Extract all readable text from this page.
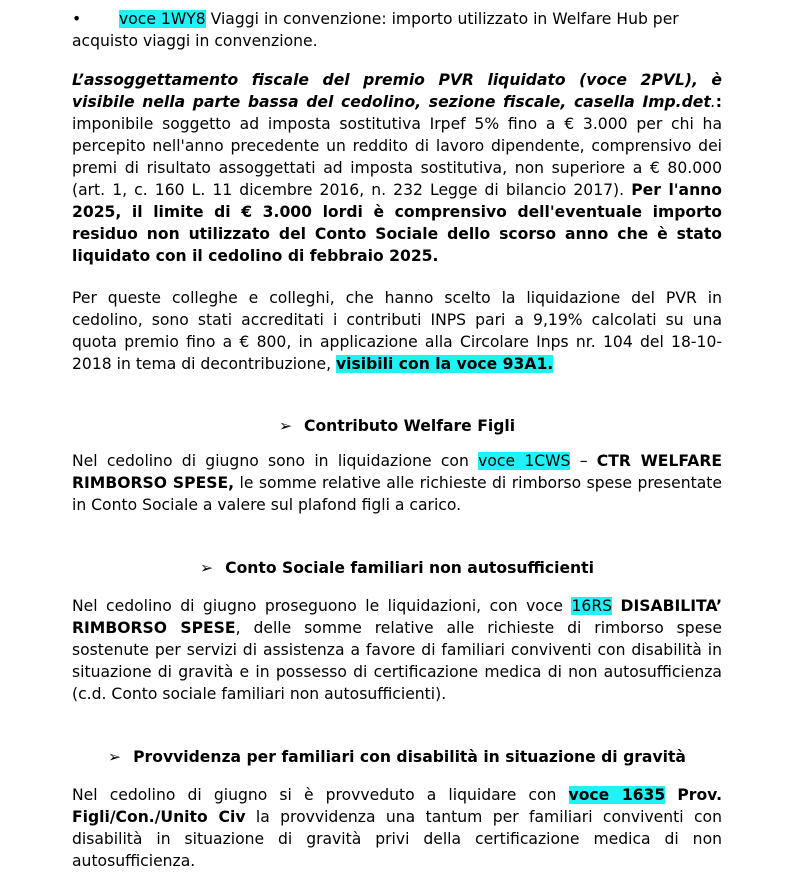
• voce 1WY8 Viaggi in convenzione: importo utilizzato in Welfare Hub per

acquisto viaggi in convenzione.

L’assoggettamento fiscale del premio PVR liquidato (voce 2PVL), è visibile nella parte bassa del cedolino, sezione fiscale, casella Imp.det.: imponibile soggetto ad imposta sostitutiva Irpef 5% fino a € 3.000 per chi ha percepito nell'anno precedente un reddito di lavoro dipendente, comprensivo dei premi di risultato assoggettati ad imposta sostitutiva, non superiore a € 80.000 (art. 1, c. 160 L. 11 dicembre 2016, n. 232 Legge di bilancio 2017). Per l'anno 2025, il limite di € 3.000 lordi è comprensivo dell'eventuale importo residuo non utilizzato del Conto Sociale dello scorso anno che è stato liquidato con il cedolino di febbraio 2025.

Per queste colleghe e colleghi, che hanno scelto la liquidazione del PVR in cedolino, sono stati accreditati i contributi INPS pari a 9,19% calcolati su una quota premio fino a € 800, in applicazione alla Circolare Inps nr. 104 del 18-10-2018 in tema di decontribuzione, visibili con la voce 93A1.

➢ Contributo Welfare Figli

Nel cedolino di giugno sono in liquidazione con voce 1CWS – CTR WELFARE RIMBORSO SPESE, le somme relative alle richieste di rimborso spese presentate in Conto Sociale a valere sul plafond figli a carico.

➢ Conto Sociale familiari non autosufficienti

Nel cedolino di giugno proseguono le liquidazioni, con voce 16RS DISABILITA’ RIMBORSO SPESE, delle somme relative alle richieste di rimborso spese sostenute per servizi di assistenza a favore di familiari conviventi con disabilità in situazione di gravità e in possesso di certificazione medica di non autosufficienza (c.d. Conto sociale familiari non autosufficienti).

➢ Provvidenza per familiari con disabilità in situazione di gravità

Nel cedolino di giugno si è provveduto a liquidare con voce 1635 Prov. Figli/Con./Unito Civ la provvidenza una tantum per familiari conviventi con disabilità in situazione di gravità privi della certificazione medica di non autosufficienza.
